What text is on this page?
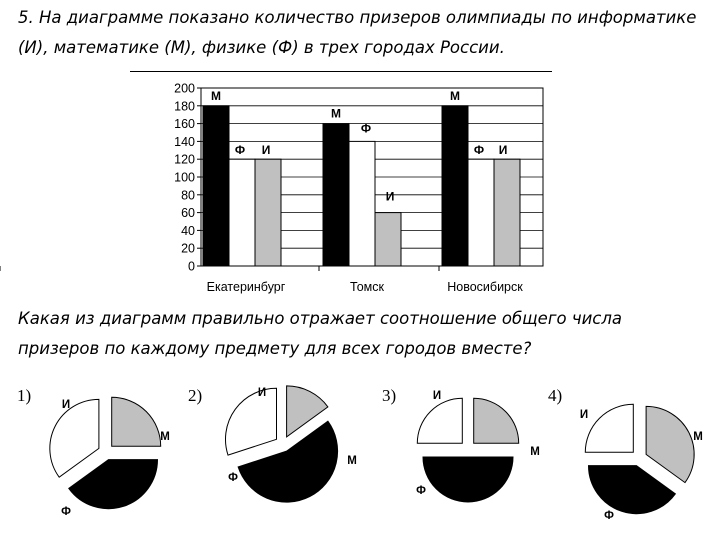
5. На диаграмме показано количество призеров олимпиады по информатике
(И), математике (М), физике (Ф) в трех городах России.

0
20
40
60
80
100
120
140
160
180
200
М
Ф И
Екатеринбург
М
Ф
И
Томск
М
Ф И
Новосибирск

Какая из диаграмм правильно отражает соотношение общего числа
призеров по каждому предмету для всех городов вместе?

1)	И
М
Ф
2)	И
М
Ф
3)	И
М
Ф
4)
И
М
Ф
